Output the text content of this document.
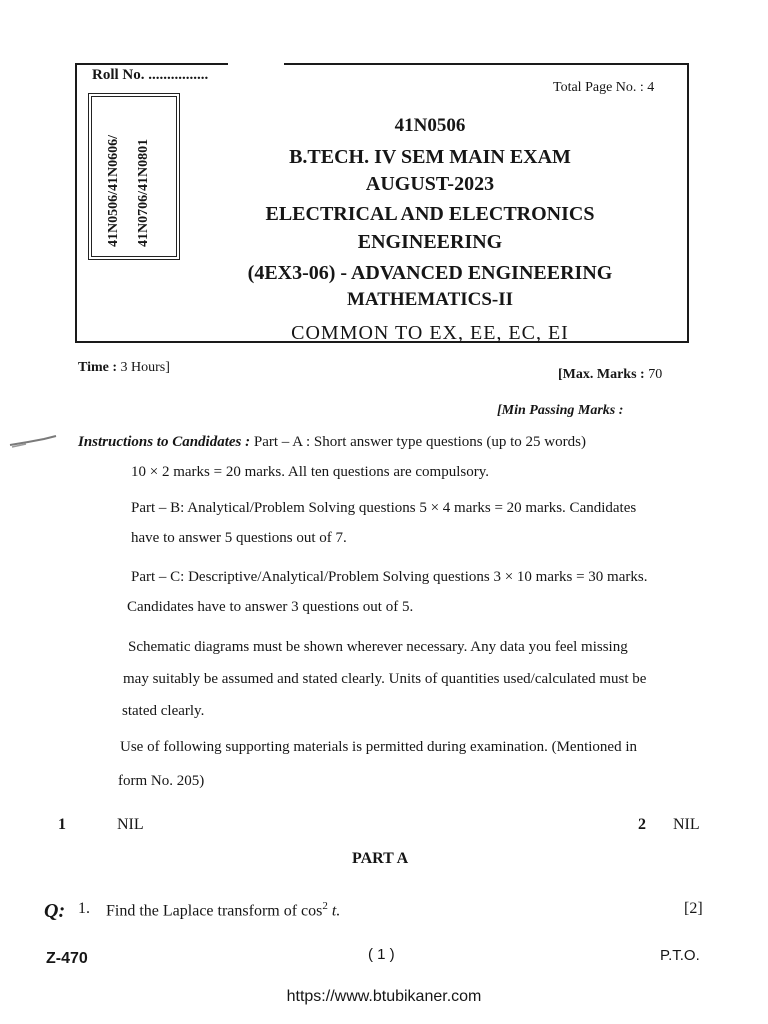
Roll No. ................
Total Page No. : 4
41N0506/41N0606/ 41N0706/41N0801
41N0506
B.TECH. IV SEM MAIN EXAM
AUGUST-2023
ELECTRICAL AND ELECTRONICS
ENGINEERING
(4EX3-06) - ADVANCED ENGINEERING
MATHEMATICS-II
COMMON TO EX, EE, EC, EI
Time : 3 Hours]	[Max. Marks : 70
[Min Passing Marks :
Instructions to Candidates : Part – A : Short answer type questions (up to 25 words)
10 × 2 marks = 20 marks. All ten questions are compulsory.
Part – B: Analytical/Problem Solving questions 5 × 4 marks = 20 marks. Candidates
have to answer 5 questions out of 7.
Part – C: Descriptive/Analytical/Problem Solving questions 3 × 10 marks = 30 marks.
Candidates have to answer 3 questions out of 5.
Schematic diagrams must be shown wherever necessary. Any data you feel missing
may suitably be assumed and stated clearly. Units of quantities used/calculated must be
stated clearly.
Use of following supporting materials is permitted during examination. (Mentioned in
form No. 205)
1	NIL	2 NIL
PART A
Q: 1. Find the Laplace transform of $\cos^2 t$.	[2]
Z-470	( 1 )	P.T.O.
https://www.btubikaner.com
